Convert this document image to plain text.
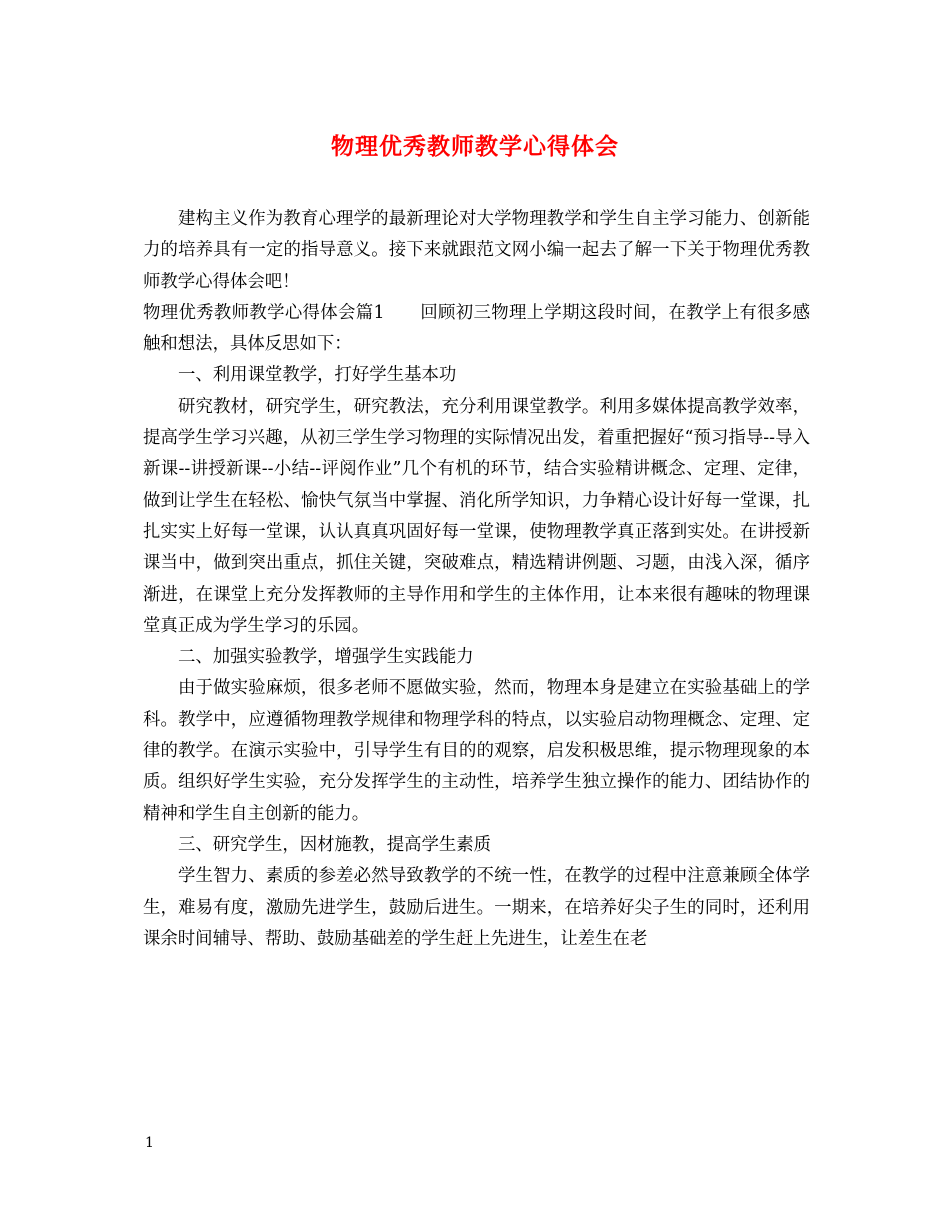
物理优秀教师教学心得体会

建构主义作为教育心理学的最新理论对大学物理教学和学生自主学习能力、创新能力的培养具有一定的指导意义。接下来就跟范文网小编一起去了解一下关于物理优秀教师教学心得体会吧！

物理优秀教师教学心得体会篇1　　回顾初三物理上学期这段时间，在教学上有很多感触和想法，具体反思如下：

一、利用课堂教学，打好学生基本功

研究教材，研究学生，研究教法，充分利用课堂教学。利用多媒体提高教学效率，提高学生学习兴趣，从初三学生学习物理的实际情况出发，着重把握好“预习指导--导入新课--讲授新课--小结--评阅作业”几个有机的环节，结合实验精讲概念、定理、定律，做到让学生在轻松、愉快气氛当中掌握、消化所学知识，力争精心设计好每一堂课，扎扎实实上好每一堂课，认认真真巩固好每一堂课，使物理教学真正落到实处。在讲授新课当中，做到突出重点，抓住关键，突破难点，精选精讲例题、习题，由浅入深，循序渐进，在课堂上充分发挥教师的主导作用和学生的主体作用，让本来很有趣味的物理课堂真正成为学生学习的乐园。

二、加强实验教学，增强学生实践能力

由于做实验麻烦，很多老师不愿做实验，然而，物理本身是建立在实验基础上的学科。教学中，应遵循物理教学规律和物理学科的特点，以实验启动物理概念、定理、定律的教学。在演示实验中，引导学生有目的的观察，启发积极思维，提示物理现象的本质。组织好学生实验，充分发挥学生的主动性，培养学生独立操作的能力、团结协作的精神和学生自主创新的能力。

三、研究学生，因材施教，提高学生素质

学生智力、素质的参差必然导致教学的不统一性，在教学的过程中注意兼顾全体学生，难易有度，激励先进学生，鼓励后进生。一期来，在培养好尖子生的同时，还利用课余时间辅导、帮助、鼓励基础差的学生赶上先进生，让差生在老

1
